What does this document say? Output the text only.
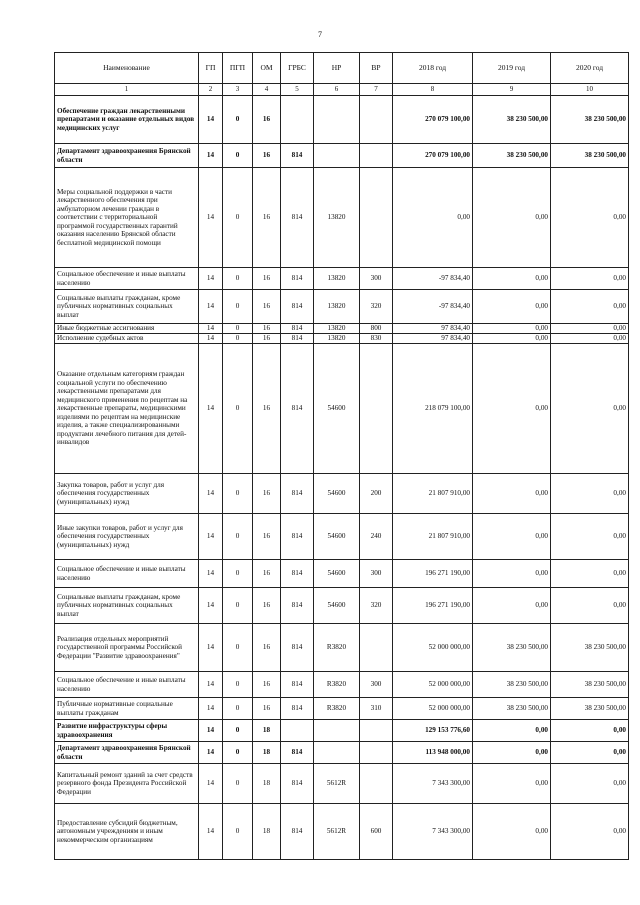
7
Наименование	ГП	ПГП	ОМ	ГРБС	НР	ВР	2018 год	2019 год	2020 год
1	2	3	4	5	6	7	8	9	10
Обеспечение граждан лекарственными препаратами и оказание отдельных видов медицинских услуг	14	0	16				270 079 100,00	38 230 500,00	38 230 500,00
Департамент здравоохранения Брянской области	14	0	16	814			270 079 100,00	38 230 500,00	38 230 500,00
Меры социальной поддержки в части лекарственного обеспечения при амбулаторном лечении граждан в соответствии с территориальной программой государственных гарантий оказания населению Брянской области бесплатной медицинской помощи	14	0	16	814	13820		0,00	0,00	0,00
Социальное обеспечение и иные выплаты населению	14	0	16	814	13820	300	-97 834,40	0,00	0,00
Социальные выплаты гражданам, кроме публичных нормативных социальных выплат	14	0	16	814	13820	320	-97 834,40	0,00	0,00
Иные бюджетные ассигнования	14	0	16	814	13820	800	97 834,40	0,00	0,00
Исполнение судебных актов	14	0	16	814	13820	830	97 834,40	0,00	0,00
Оказание отдельным категориям граждан социальной услуги по обеспечению лекарственными препаратами для медицинского применения по рецептам на лекарственные препараты, медицинскими изделиями по рецептам на медицинские изделия, а также специализированными продуктами лечебного питания для детей-инвалидов	14	0	16	814	54600		218 079 100,00	0,00	0,00
Закупка товаров, работ и услуг для обеспечения государственных (муниципальных) нужд	14	0	16	814	54600	200	21 807 910,00	0,00	0,00
Иные закупки товаров, работ и услуг для обеспечения государственных (муниципальных) нужд	14	0	16	814	54600	240	21 807 910,00	0,00	0,00
Социальное обеспечение и иные выплаты населению	14	0	16	814	54600	300	196 271 190,00	0,00	0,00
Социальные выплаты гражданам, кроме публичных нормативных социальных выплат	14	0	16	814	54600	320	196 271 190,00	0,00	0,00
Реализация отдельных мероприятий государственной программы Российской Федерации "Развитие здравоохранения"	14	0	16	814	R3820		52 000 000,00	38 230 500,00	38 230 500,00
Социальное обеспечение и иные выплаты населению	14	0	16	814	R3820	300	52 000 000,00	38 230 500,00	38 230 500,00
Публичные нормативные социальные выплаты гражданам	14	0	16	814	R3820	310	52 000 000,00	38 230 500,00	38 230 500,00
Развитие инфраструктуры сферы здравоохранения	14	0	18				129 153 776,60	0,00	0,00
Департамент здравоохранения Брянской области	14	0	18	814			113 948 000,00	0,00	0,00
Капитальный ремонт зданий за счет средств резервного фонда Президента Российской Федерации	14	0	18	814	5612R		7 343 300,00	0,00	0,00
Предоставление субсидий бюджетным, автономным учреждениям и иным некоммерческим организациям	14	0	18	814	5612R	600	7 343 300,00	0,00	0,00
